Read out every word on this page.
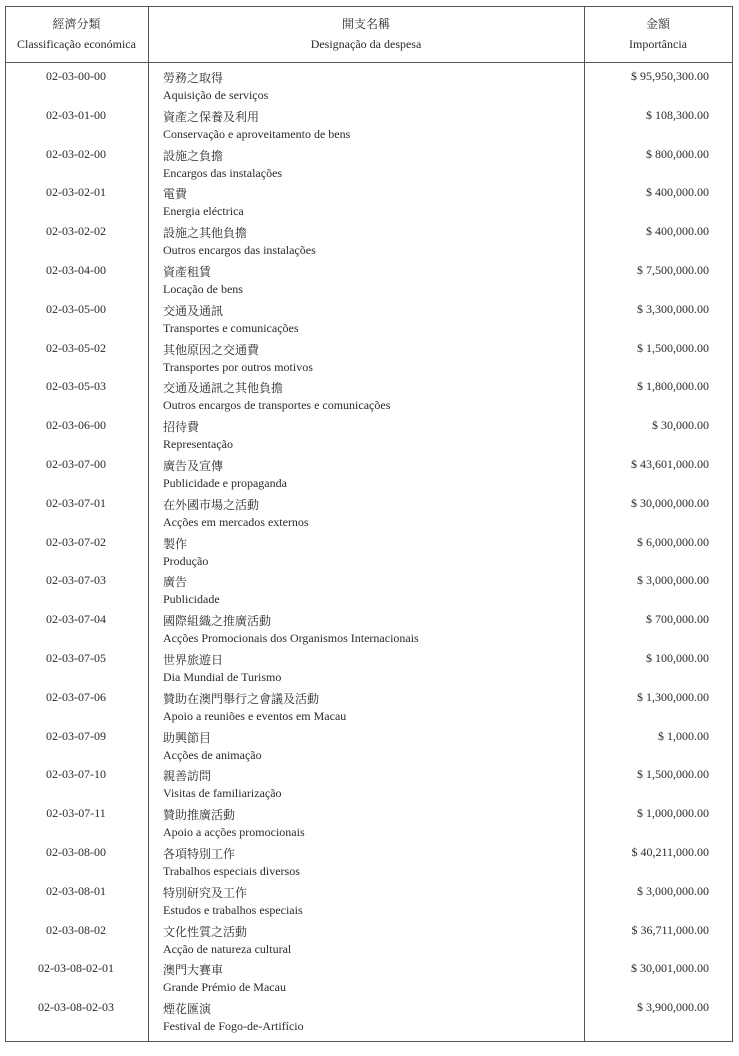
經濟分類
Classificação económica
開支名稱
Designação da despesa
金額
Importância
02-03-00-00	勞務之取得
Aquisição de serviços
$ 95,950,300.00
02-03-01-00	資產之保養及利用
Conservação e aproveitamento de bens
$ 108,300.00
02-03-02-00	設施之負擔
Encargos das instalações
$ 800,000.00
02-03-02-01	電費
Energia eléctrica
$ 400,000.00
02-03-02-02	設施之其他負擔
Outros encargos das instalações
$ 400,000.00
02-03-04-00	資產租賃
Locação de bens
$ 7,500,000.00
02-03-05-00	交通及通訊
Transportes e comunicações
$ 3,300,000.00
02-03-05-02	其他原因之交通費
Transportes por outros motivos
$ 1,500,000.00
02-03-05-03	交通及通訊之其他負擔
Outros encargos de transportes e comunicações
$ 1,800,000.00
02-03-06-00	招待費
Representação
$ 30,000.00
02-03-07-00	廣告及宣傳
Publicidade e propaganda
$ 43,601,000.00
02-03-07-01	在外國市場之活動
Acções em mercados externos
$ 30,000,000.00
02-03-07-02	製作
Produção
$ 6,000,000.00
02-03-07-03	廣告
Publicidade
$ 3,000,000.00
02-03-07-04	國際組織之推廣活動
Acções Promocionais dos Organismos Internacionais
$ 700,000.00
02-03-07-05	世界旅遊日
Dia Mundial de Turismo
$ 100,000.00
02-03-07-06	贊助在澳門舉行之會議及活動
Apoio a reuniões e eventos em Macau
$ 1,300,000.00
02-03-07-09	助興節目
Acções de animação
$ 1,000.00
02-03-07-10	親善訪問
Visitas de familiarização
$ 1,500,000.00
02-03-07-11	贊助推廣活動
Apoio a acções promocionais
$ 1,000,000.00
02-03-08-00	各項特別工作
Trabalhos especiais diversos
$ 40,211,000.00
02-03-08-01	特別研究及工作
Estudos e trabalhos especiais
$ 3,000,000.00
02-03-08-02	文化性質之活動
Acção de natureza cultural
$ 36,711,000.00
02-03-08-02-01	澳門大賽車
Grande Prémio de Macau
$ 30,001,000.00
02-03-08-02-03	煙花匯演
Festival de Fogo-de-Artifício
$ 3,900,000.00
